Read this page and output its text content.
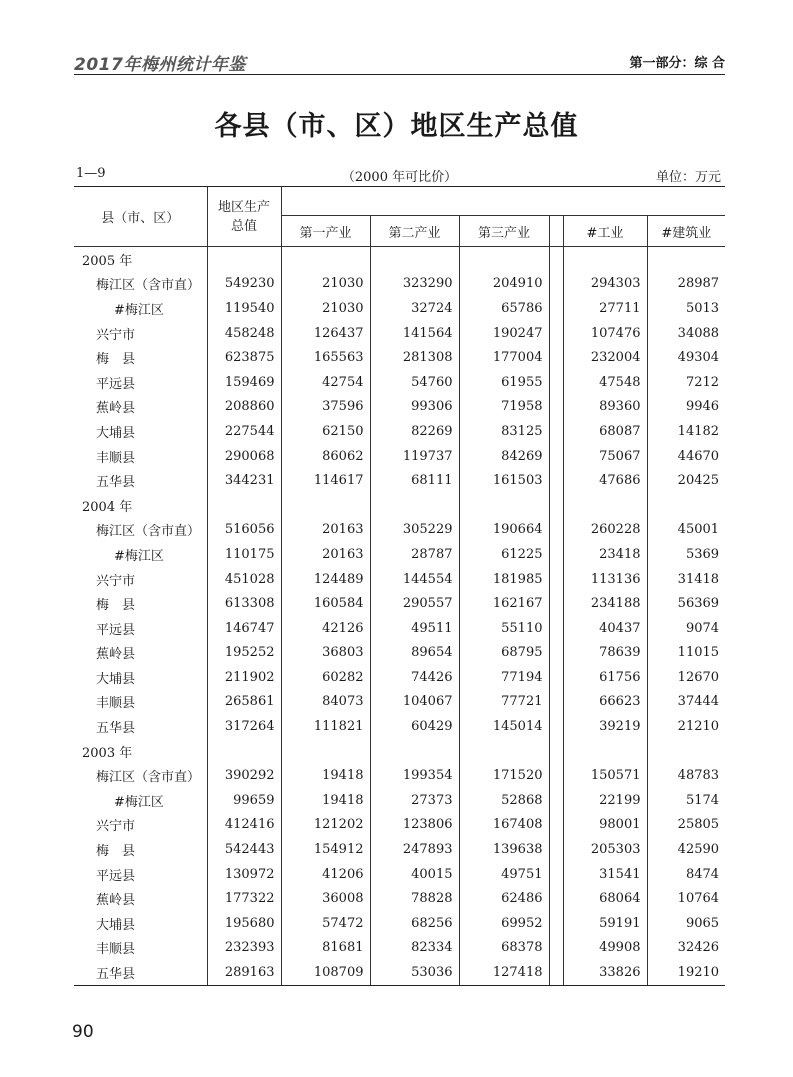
2017年梅州统计年鉴	第一部分：综 合
各县（市、区）地区生产总值
1—9	（2000 年可比价）	单位：万元
县（市、区）	地区生产
总值						
		第一产业	第二产业	第三产业		#工业	#建筑业
2005 年							
梅江区（含市直）	549230	21030	323290	204910		294303	28987
#梅江区	119540	21030	32724	65786		27711	5013
兴宁市	458248	126437	141564	190247		107476	34088
梅　县	623875	165563	281308	177004		232004	49304
平远县	159469	42754	54760	61955		47548	7212
蕉岭县	208860	37596	99306	71958		89360	9946
大埔县	227544	62150	82269	83125		68087	14182
丰顺县	290068	86062	119737	84269		75067	44670
五华县	344231	114617	68111	161503		47686	20425
2004 年							
梅江区（含市直）	516056	20163	305229	190664		260228	45001
#梅江区	110175	20163	28787	61225		23418	5369
兴宁市	451028	124489	144554	181985		113136	31418
梅　县	613308	160584	290557	162167		234188	56369
平远县	146747	42126	49511	55110		40437	9074
蕉岭县	195252	36803	89654	68795		78639	11015
大埔县	211902	60282	74426	77194		61756	12670
丰顺县	265861	84073	104067	77721		66623	37444
五华县	317264	111821	60429	145014		39219	21210
2003 年							
梅江区（含市直）	390292	19418	199354	171520		150571	48783
#梅江区	99659	19418	27373	52868		22199	5174
兴宁市	412416	121202	123806	167408		98001	25805
梅　县	542443	154912	247893	139638		205303	42590
平远县	130972	41206	40015	49751		31541	8474
蕉岭县	177322	36008	78828	62486		68064	10764
大埔县	195680	57472	68256	69952		59191	9065
丰顺县	232393	81681	82334	68378		49908	32426
五华县	289163	108709	53036	127418		33826	19210
90
